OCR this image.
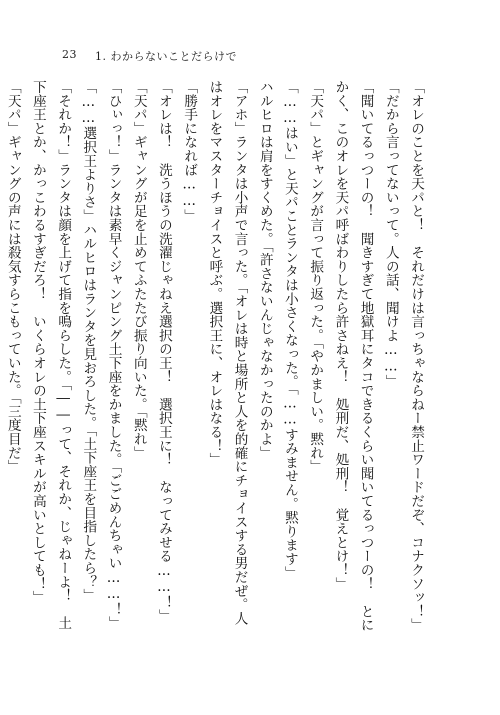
23 1. わからないことだらけで
「オレのことを天パと！　それだけは言っちゃならねー禁止ワードだぞ、コナクソッ！」
「だから言ってないって。人の話、聞けよ……」
「聞いてるっつーの！　聞きすぎて地獄耳にタコできるくらい聞いてるっつーの！　とに
かく、このオレを天パ呼ばわりしたら許さねえ！　処刑だ、処刑！　覚えとけ！」
「天パ」とギャングが言って振り返った。「やかましい。黙れ」
「……はい」と天パことランタは小さくなった。「……すみません。黙ります」
ハルヒロは肩をすくめた。「許さないんじゃなかったのかよ」
「アホ」ランタは小声で言った。「オレは時と場所と人を的確にチョイスする男だぜ。人
はオレをマスターチョイスと呼ぶ。選択王に、オレはなる！」
「勝手になれば……」
「オレは！　洗うほうの洗濯じゃねえ選択の王！　選択王に！　なってみせる……！」
「天パ」ギャングが足を止めてふたたび振り向いた。「黙れ」
「ひぃっ！」ランタは素早くジャンピング土下座をかました。「ごごめんちゃい……！」
「……選択王よりさ」ハルヒロはランタを見おろした。「土下座王を目指したら？」
「それか！」ランタは顔を上げて指を鳴らした。「――って、それか、じゃねーよ！　土
下座王とか、かっこわるすぎだろ！　いくらオレの土下座スキルが高いとしても！」
「天パ」ギャングの声には殺気すらこもっていた。「三度目だ」
